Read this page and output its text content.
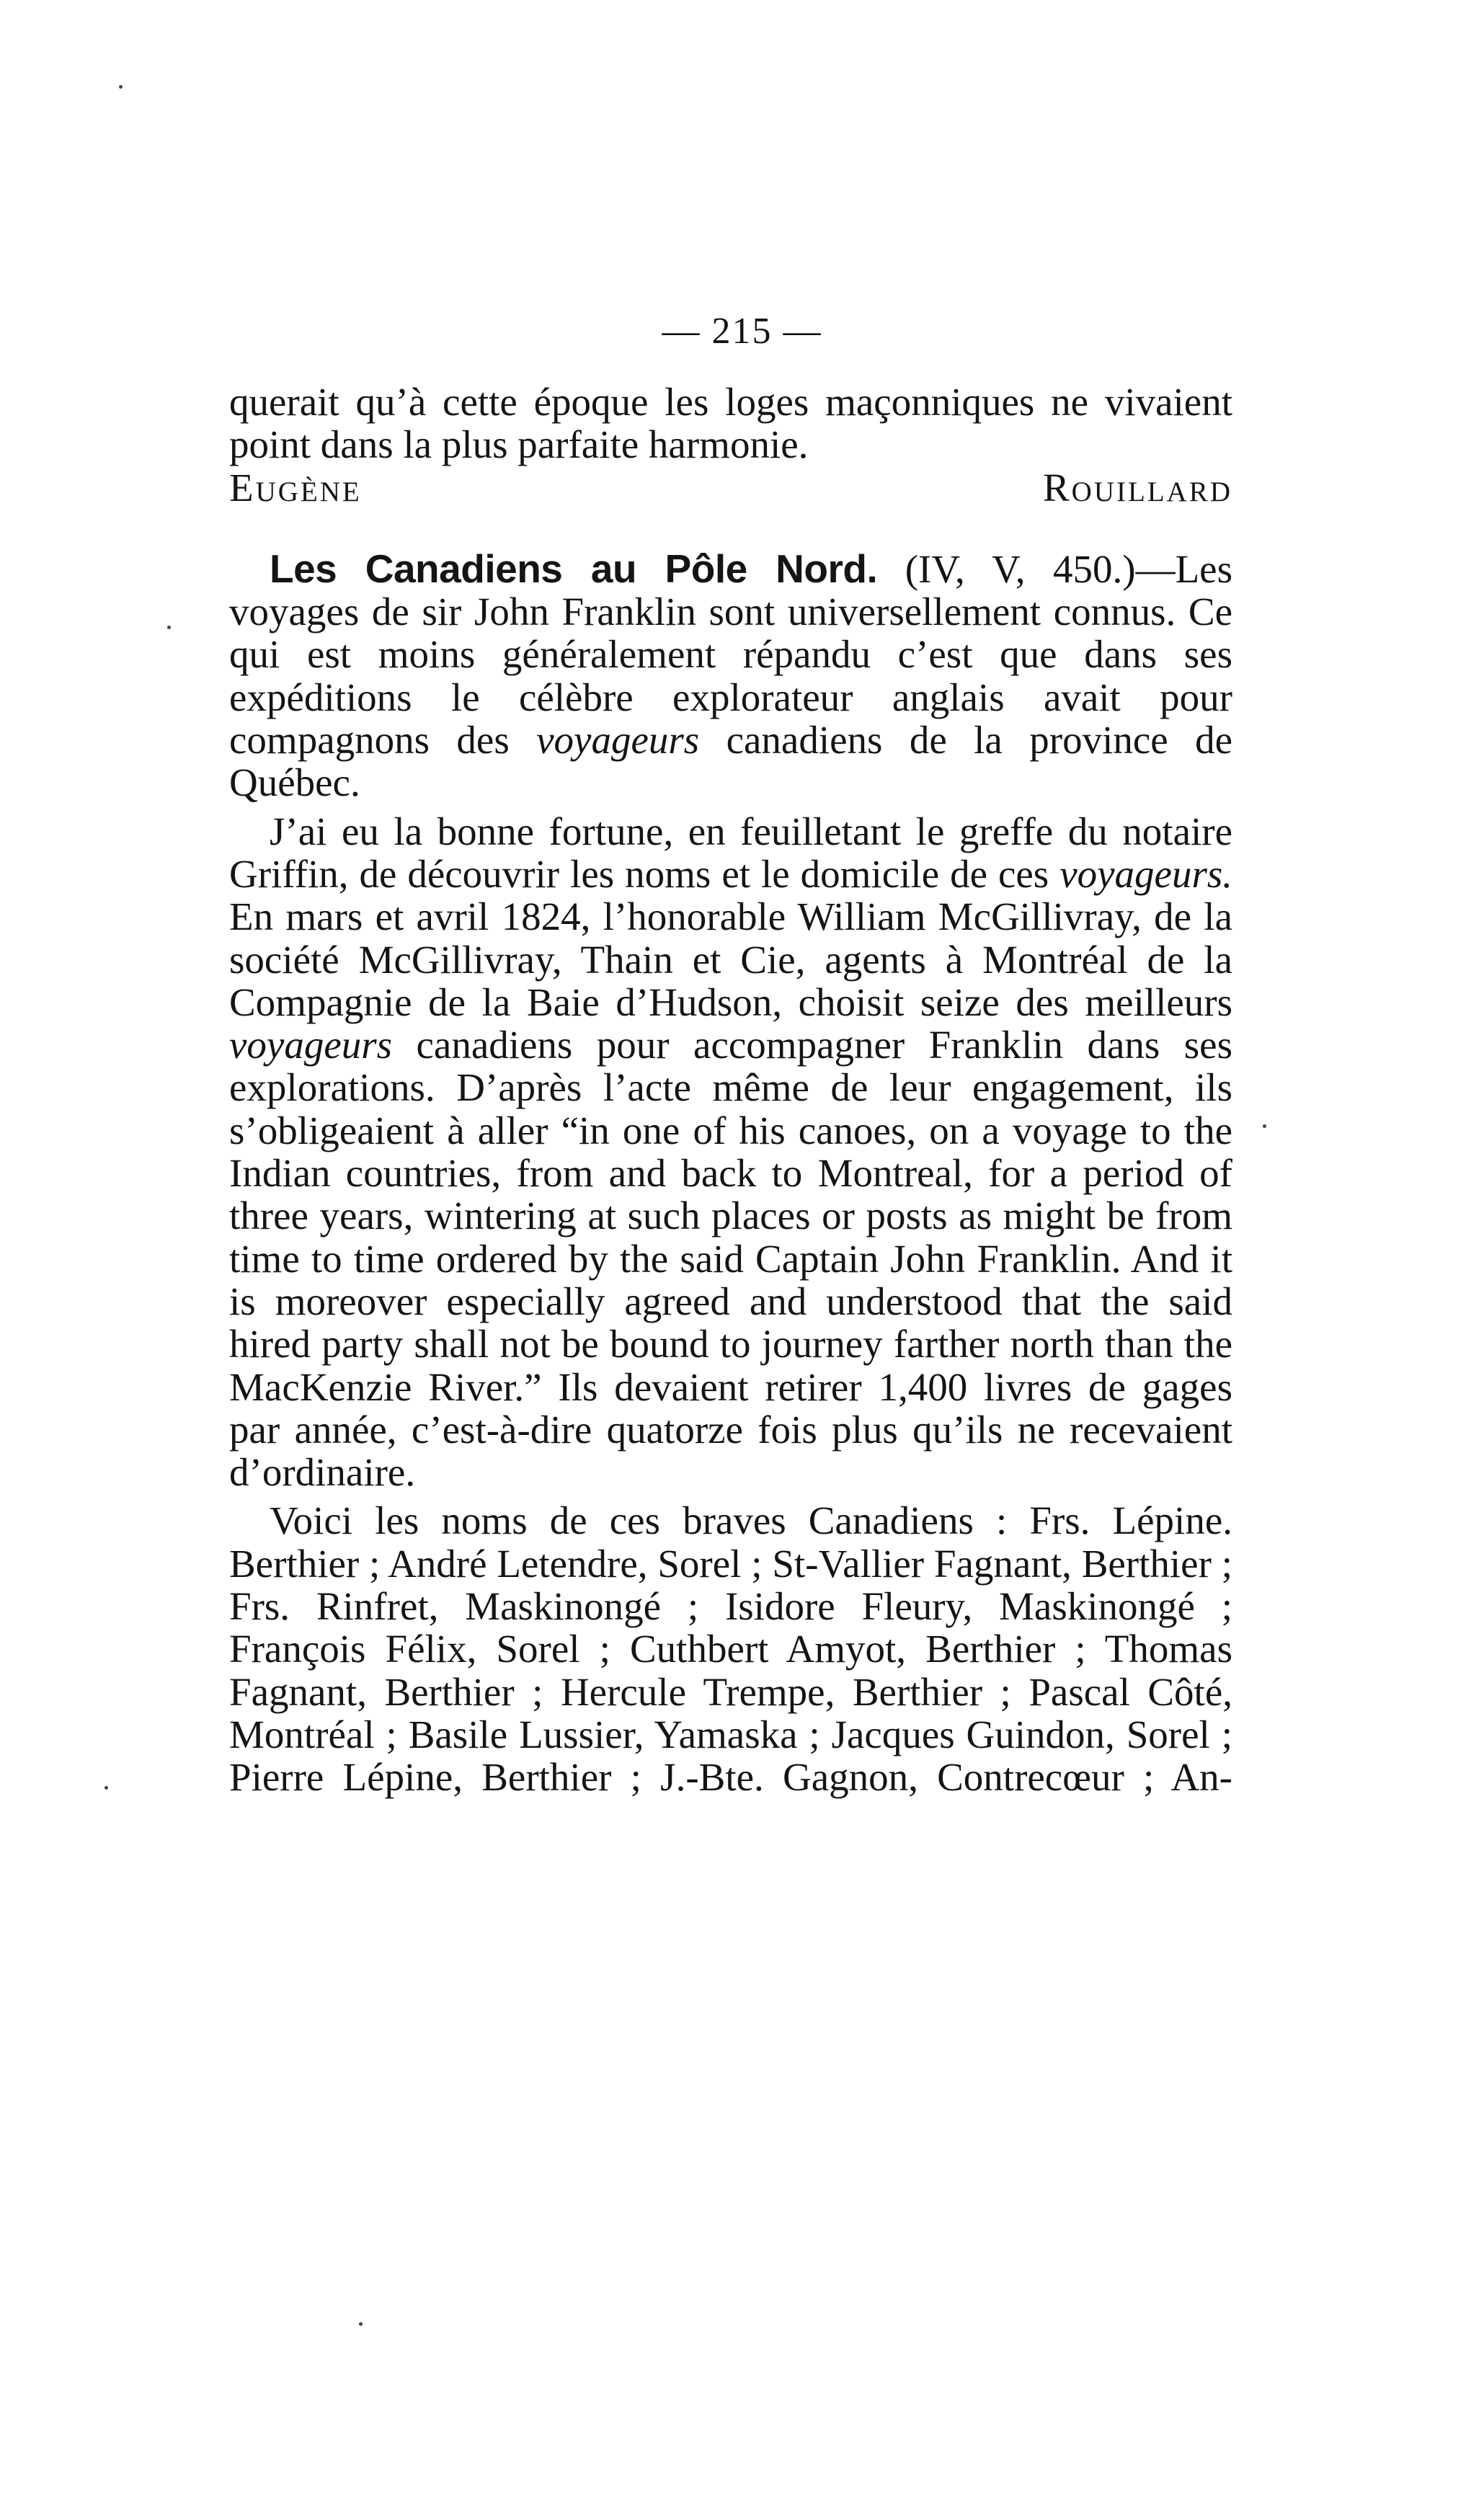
— 215 —

querait qu’à cette époque les loges maçonniques ne vivaient point dans la plus parfaite harmonie.

Eugène Rouillard

Les Canadiens au Pôle Nord. (IV, V, 450.)—Les voyages de sir John Franklin sont universellement connus. Ce qui est moins généralement répandu c’est que dans ses expéditions le célèbre explorateur anglais avait pour compagnons des voyageurs canadiens de la province de Québec.

J’ai eu la bonne fortune, en feuilletant le greffe du notaire Griffin, de découvrir les noms et le domicile de ces voyageurs. En mars et avril 1824, l’honorable William McGillivray, de la société McGillivray, Thain et Cie, agents à Montréal de la Compagnie de la Baie d’Hudson, choisit seize des meilleurs voyageurs canadiens pour accompagner Franklin dans ses explorations. D’après l’acte même de leur engagement, ils s’obligeaient à aller “in one of his canoes, on a voyage to the Indian countries, from and back to Montreal, for a period of three years, wintering at such places or posts as might be from time to time ordered by the said Captain John Franklin. And it is moreover especially agreed and understood that the said hired party shall not be bound to journey farther north than the MacKenzie River.” Ils devaient retirer 1,400 livres de gages par année, c’est-à-dire quatorze fois plus qu’ils ne recevaient d’ordinaire.

Voici les noms de ces braves Canadiens : Frs. Lépine. Berthier ; André Letendre, Sorel ; St-Vallier Fagnant, Berthier ; Frs. Rinfret, Maskinongé ; Isidore Fleury, Maskinongé ; François Félix, Sorel ; Cuthbert Amyot, Berthier ; Thomas Fagnant, Berthier ; Hercule Trempe, Berthier ; Pascal Côté, Montréal ; Basile Lussier, Yamaska ; Jacques Guindon, Sorel ; Pierre Lépine, Berthier ; J.-Bte. Gagnon, Contrecœur ; An-
